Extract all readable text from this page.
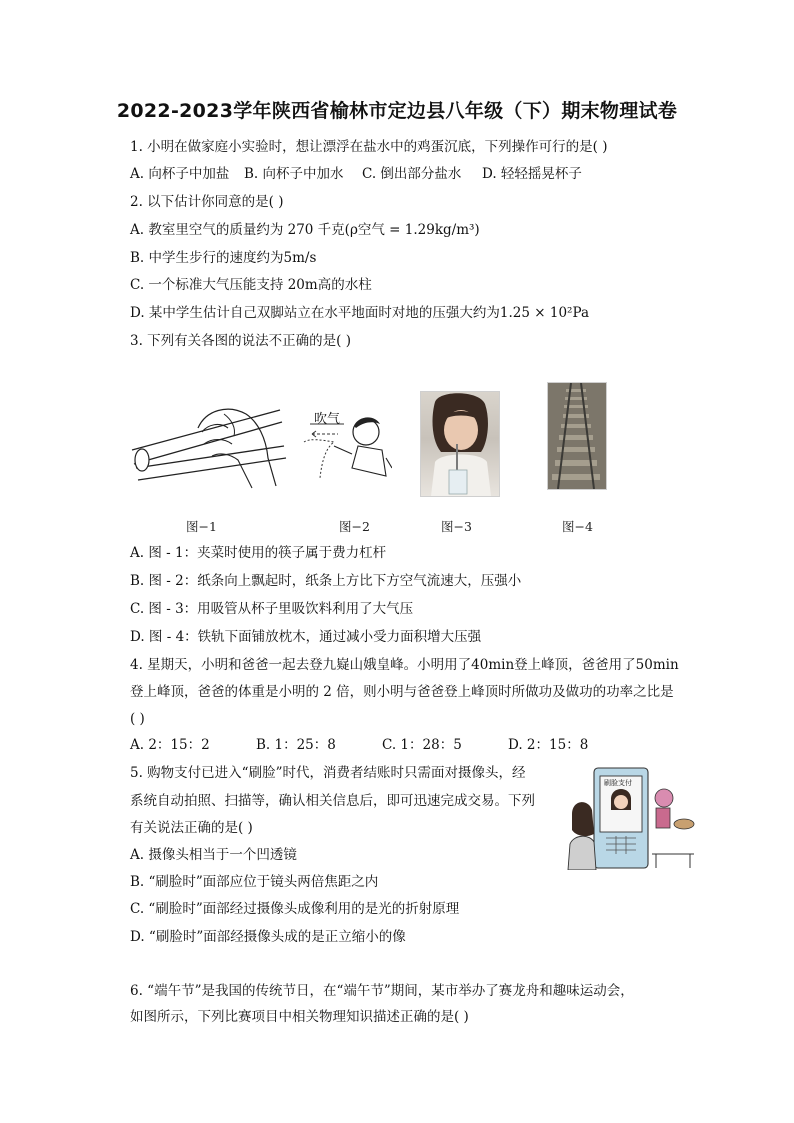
2022-2023学年陕西省榆林市定边县八年级（下）期末物理试卷
1. 小明在做家庭小实验时，想让漂浮在盐水中的鸡蛋沉底，下列操作可行的是( )
A. 向杯子中加盐 B. 向杯子中加水 C. 倒出部分盐水 D. 轻轻摇晃杯子
2. 以下估计你同意的是( )
A. 教室里空气的质量约为 270 千克(ρ空气 = 1.29kg/m³)
B. 中学生步行的速度约为5m/s
C. 一个标准大气压能支持 20m高的水柱
D. 某中学生估计自己双脚站立在水平地面时对地的压强大约为1.25 × 10²Pa
3. 下列有关各图的说法不正确的是( )
吹气
图−1	图−2	图−3	图−4
A. 图 - 1：夹菜时使用的筷子属于费力杠杆
B. 图 - 2：纸条向上飘起时，纸条上方比下方空气流速大，压强小
C. 图 - 3：用吸管从杯子里吸饮料利用了大气压
D. 图 - 4：铁轨下面铺放枕木，通过减小受力面积增大压强
4. 星期天，小明和爸爸一起去登九嶷山娥皇峰。小明用了40min登上峰顶，爸爸用了50min
登上峰顶，爸爸的体重是小明的 2 倍，则小明与爸爸登上峰顶时所做功及做功的功率之比是
( )
A. 2：15：2	B. 1：25：8	C. 1：28：5	D. 2：15：8
5. 购物支付已进入“刷脸”时代，消费者结账时只需面对摄像头，经
系统自动拍照、扫描等，确认相关信息后，即可迅速完成交易。下列
有关说法正确的是( )
A. 摄像头相当于一个凹透镜
B. “刷脸时”面部应位于镜头两倍焦距之内
C. “刷脸时”面部经过摄像头成像利用的是光的折射原理
D. “刷脸时”面部经摄像头成的是正立缩小的像
刷脸支付
6. “端午节”是我国的传统节日，在“端午节”期间，某市举办了赛龙舟和趣味运动会，
如图所示，下列比赛项目中相关物理知识描述正确的是( )
